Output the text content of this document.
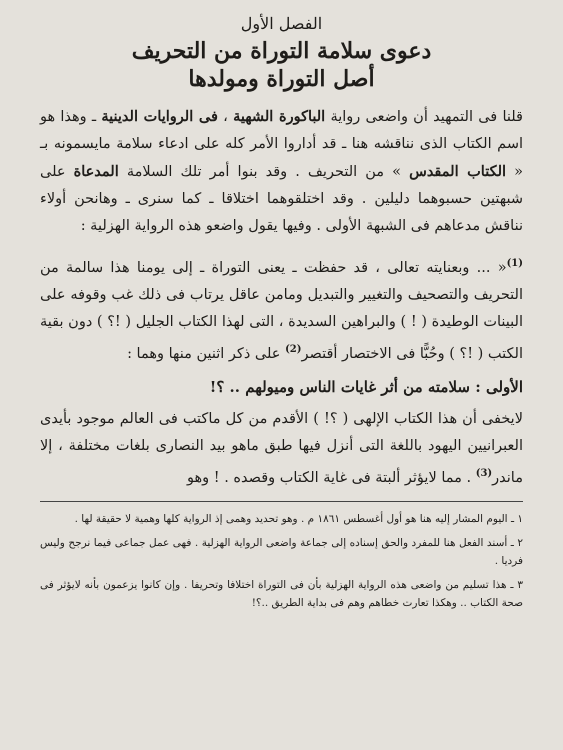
الفصل الأول
دعوى سلامة التوراة من التحريف
أصل التوراة ومولدها

قلنا فى التمهيد أن واضعى رواية الباكورة الشهية ، فى الروايات الدينية ـ وهذا هو اسم الكتاب الذى نناقشه هنا ـ قد أداروا الأمر كله على ادعاء سلامة مايسمونه بـ « الكتاب المقدس » من التحريف . وقد بنوا أمر تلك السلامة المدعاة على شبهتين حسبوهما دليلين . وقد اختلقوهما اختلاقا ـ كما سنرى ـ وهانحن أولاء نناقش مدعاهم فى الشبهة الأولى . وفيها يقول واضعو هذه الرواية الهزلية :

$^{(1)}$« ... وبعنايته تعالى ، قد حفظت ـ يعنى التوراة ـ إلى يومنا هذا سالمة من التحريف والتصحيف والتغيير والتبديل ومامن عاقل يرتاب فى ذلك غب وقوفه على البينات الوطيدة ( ! ) والبراهين السديدة ، التى لهذا الكتاب الجليل ( !؟ ) دون بقية الكتب ( !؟ ) وحُبًّا فى الاختصار أقتصر$^{(2)}$ على ذكر اثنين منها وهما :

الأولى : سلامته من أثر غايات الناس وميولهم .. ؟!

لايخفى أن هذا الكتاب الإلهى ( ؟! ) الأقدم من كل ماكتب فى العالم موجود بأيدى العبرانيين اليهود باللغة التى أنزل فيها طبق ماهو بيد النصارى بلغات مختلفة ، إلا ماندر$^{(3)}$ . مما لايؤثر ألبتة فى غاية الكتاب وقصده . ! وهو

١ ـ اليوم المشار إليه هنا هو أول أغسطس ١٨٦١ م . وهو تحديد وهمى إذ الرواية كلها وهمية لا حقيقة لها .

٢ ـ أسند الفعل هنا للمفرد والحق إسناده إلى جماعة واضعى الرواية الهزلية . فهى عمل جماعى فيما نرجح وليس فرديا .

٣ ـ هذا تسليم من واضعى هذه الرواية الهزلية بأن فى التوراة اختلافا وتحريفا . وإن كانوا يزعمون بأنه لايؤثر فى صحة الكتاب .. وهكذا تعارت خطاهم وهم فى بداية الطريق ..؟!
